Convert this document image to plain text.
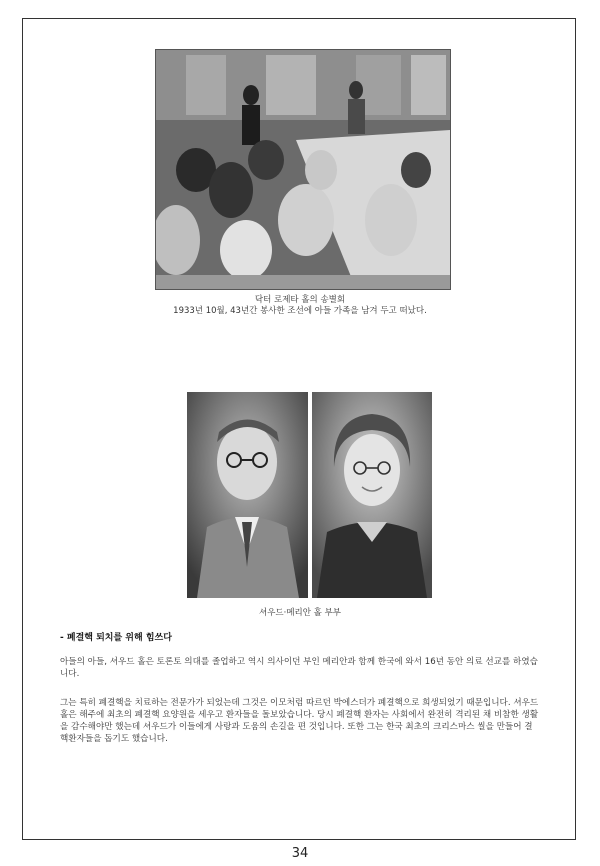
닥터 로제타 홀의 송별회
1933년 10월, 43년간 봉사한 조선에 아들 가족을 남겨 두고 떠났다.
셔우드·메리안 홀 부부
- 폐결핵 퇴치를 위해 힘쓰다

아들의 아들, 셔우드 홀은 토론토 의대를 졸업하고 역시 의사이던 부인 메리안과 함께 한국에 와서 16년 동안 의료 선교를 하였습니다.

그는 특히 폐결핵을 치료하는 전문가가 되었는데 그것은 이모처럼 따르던 박에스더가 폐결핵으로 희생되었기 때문입니다. 셔우드 홀은 해주에 최초의 폐결핵 요양원을 세우고 환자들을 돌보았습니다. 당시 폐결핵 환자는 사회에서 완전히 격리된 채 비참한 생활을 감수해야만 했는데 셔우드가 이들에게 사랑과 도움의 손길을 편 것입니다. 또한 그는 한국 최초의 크리스마스 씰을 만들어 결핵환자들을 돕기도 했습니다.

34
